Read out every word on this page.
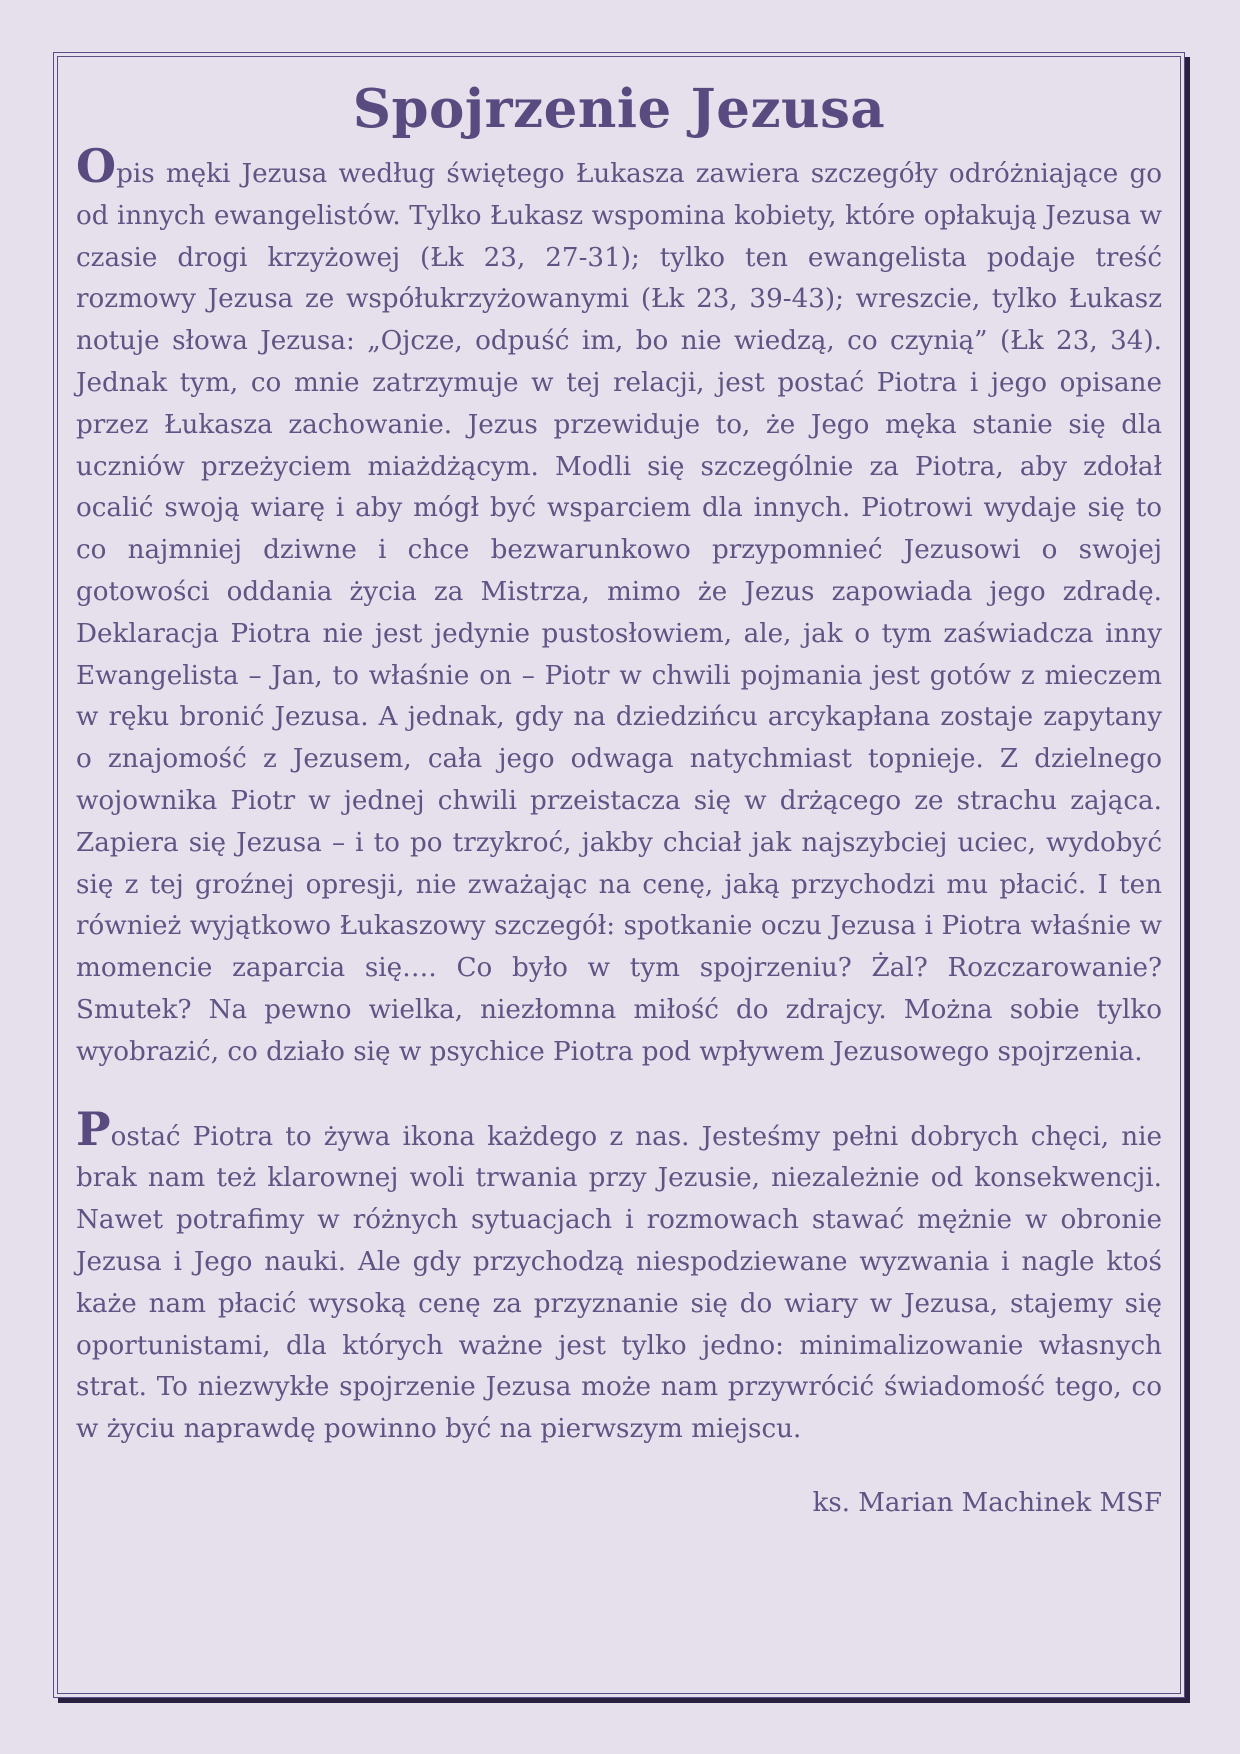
Spojrzenie Jezusa

Opis męki Jezusa według świętego Łukasza zawiera szczegóły odróżniające go od innych ewangelistów. Tylko Łukasz wspomina kobiety, które opłakują Jezusa w czasie drogi krzyżowej (Łk 23, 27-31); tylko ten ewangelista podaje treść rozmowy Jezusa ze współukrzyżowanymi (Łk 23, 39-43); wreszcie, tylko Łukasz notuje słowa Jezusa: „Ojcze, odpuść im, bo nie wiedzą, co czynią” (Łk 23, 34). Jednak tym, co mnie zatrzymuje w tej relacji, jest postać Piotra i jego opisane przez Łukasza zachowanie. Jezus przewiduje to, że Jego męka stanie się dla uczniów przeżyciem miażdżącym. Modli się szczególnie za Piotra, aby zdołał ocalić swoją wiarę i aby mógł być wsparciem dla innych. Piotrowi wydaje się to co najmniej dziwne i chce bezwarunkowo przypomnieć Jezusowi o swojej gotowości oddania życia za Mistrza, mimo że Jezus zapowiada jego zdradę. Deklaracja Piotra nie jest jedynie pustosłowiem, ale, jak o tym zaświadcza inny Ewangelista – Jan, to właśnie on – Piotr w chwili pojmania jest gotów z mieczem w ręku bronić Jezusa. A jednak, gdy na dziedzińcu arcykapłana zostaje zapytany o znajomość z Jezusem, cała jego odwaga natychmiast topnieje. Z dzielnego wojownika Piotr w jednej chwili przeistacza się w drżącego ze strachu zająca. Zapiera się Jezusa – i to po trzykroć, jakby chciał jak najszybciej uciec, wydobyć się z tej groźnej opresji, nie zważając na cenę, jaką przychodzi mu płacić. I ten również wyjątkowo Łukaszowy szczegół: spotkanie oczu Jezusa i Piotra właśnie w momencie zaparcia się…. Co było w tym spojrzeniu? Żal? Rozczarowanie? Smutek? Na pewno wielka, niezłomna miłość do zdrajcy. Można sobie tylko wyobrazić, co działo się w psychice Piotra pod wpływem Jezusowego spojrzenia.

Postać Piotra to żywa ikona każdego z nas. Jesteśmy pełni dobrych chęci, nie brak nam też klarownej woli trwania przy Jezusie, niezależnie od konsekwencji. Nawet potrafimy w różnych sytuacjach i rozmowach stawać mężnie w obronie Jezusa i Jego nauki. Ale gdy przychodzą niespodziewane wyzwania i nagle ktoś każe nam płacić wysoką cenę za przyznanie się do wiary w Jezusa, stajemy się oportunistami, dla których ważne jest tylko jedno: minimalizowanie własnych strat. To niezwykłe spojrzenie Jezusa może nam przywrócić świadomość tego, co w życiu naprawdę powinno być na pierwszym miejscu.

ks. Marian Machinek MSF
